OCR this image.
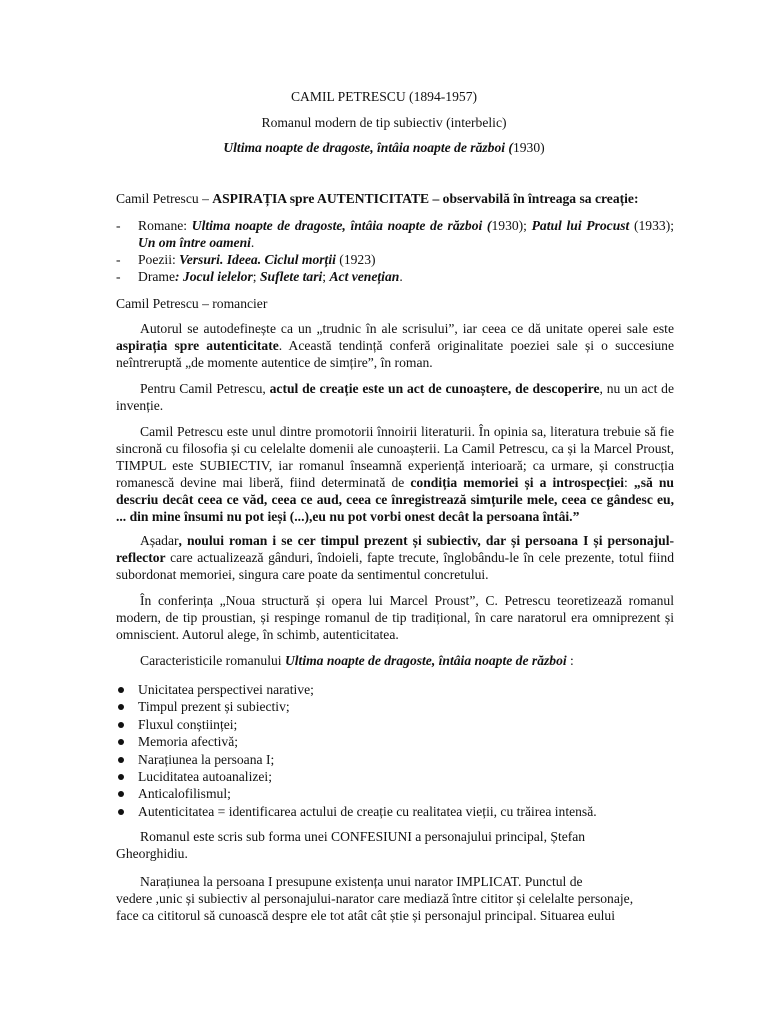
CAMIL PETRESCU (1894-1957)
Romanul modern de tip subiectiv (interbelic)
Ultima noapte de dragoste, întâia noapte de război (1930)
Camil Petrescu – ASPIRAȚIA spre AUTENTICITATE – observabilă în întreaga sa creație:
- Romane: Ultima noapte de dragoste, întâia noapte de război (1930); Patul lui Procust (1933); Un om între oameni.
- Poezii: Versuri. Ideea. Ciclul morții (1923)
- Drame: Jocul ielelor; Suflete tari; Act venețian.
Camil Petrescu – romancier

Autorul se autodefinește ca un „trudnic în ale scrisului”, iar ceea ce dă unitate operei sale este aspirația spre autenticitate. Această tendință conferă originalitate poeziei sale și o succesiune neîntreruptă „de momente autentice de simțire”, în roman.

Pentru Camil Petrescu, actul de creație este un act de cunoaștere, de descoperire, nu un act de invenție.

Camil Petrescu este unul dintre promotorii înnoirii literaturii. În opinia sa, literatura trebuie să fie sincronă cu filosofia și cu celelalte domenii ale cunoașterii. La Camil Petrescu, ca și la Marcel Proust, TIMPUL este SUBIECTIV, iar romanul înseamnă experiență interioară; ca urmare, și construcția romanescă devine mai liberă, fiind determinată de condiția memoriei și a introspecției: „să nu descriu decât ceea ce văd, ceea ce aud, ceea ce înregistrează simțurile mele, ceea ce gândesc eu, ... din mine însumi nu pot ieși (...),eu nu pot vorbi onest decât la persoana întâi.”

Așadar, noului roman i se cer timpul prezent și subiectiv, dar și persoana I și personajul-reflector care actualizează gânduri, îndoieli, fapte trecute, înglobându-le în cele prezente, totul fiind subordonat memoriei, singura care poate da sentimentul concretului.

În conferința „Noua structură și opera lui Marcel Proust”, C. Petrescu teoretizează romanul modern, de tip proustian, și respinge romanul de tip tradițional, în care naratorul era omniprezent și omniscient. Autorul alege, în schimb, autenticitatea.

Caracteristicile romanului Ultima noapte de dragoste, întâia noapte de război :
Unicitatea perspectivei narative;
Timpul prezent și subiectiv;
Fluxul conștiinței;
Memoria afectivă;
Narațiunea la persoana I;
Luciditatea autoanalizei;
Anticalofilismul;
Autenticitatea = identificarea actului de creație cu realitatea vieții, cu trăirea intensă.
Romanul este scris sub forma unei CONFESIUNI a personajului principal, Ștefan
Gheorghidiu.
Narațiunea la persoana I presupune existența unui narator IMPLICAT. Punctul de
vedere ,unic și subiectiv al personajului-narator care mediază între cititor și celelalte personaje,
face ca cititorul să cunoască despre ele tot atât cât știe și personajul principal. Situarea eului
